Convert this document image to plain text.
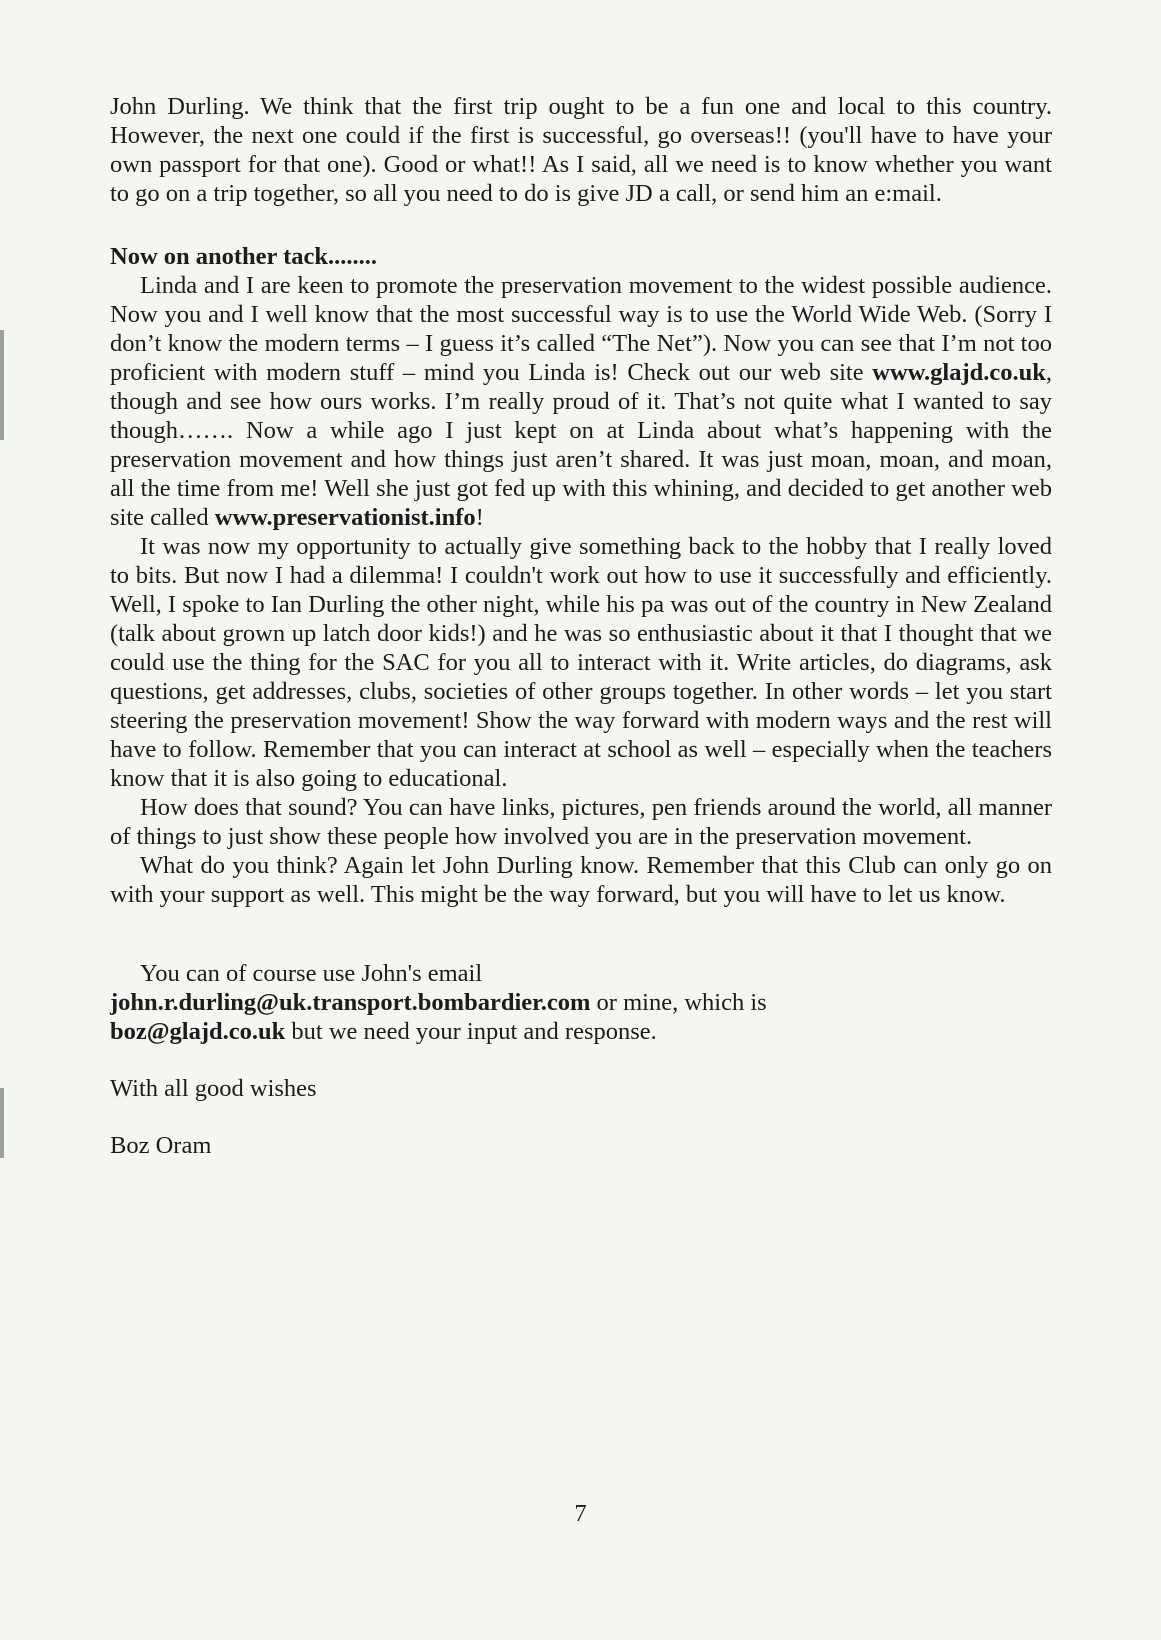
John Durling. We think that the first trip ought to be a fun one and local to this country. However, the next one could if the first is successful, go overseas!! (you'll have to have your own passport for that one). Good or what!! As I said, all we need is to know whether you want to go on a trip together, so all you need to do is give JD a call, or send him an e:mail.

Now on another tack........

Linda and I are keen to promote the preservation movement to the widest possible audience. Now you and I well know that the most successful way is to use the World Wide Web. (Sorry I don’t know the modern terms – I guess it’s called “The Net”). Now you can see that I’m not too proficient with modern stuff – mind you Linda is! Check out our web site www.glajd.co.uk, though and see how ours works. I’m really proud of it. That’s not quite what I wanted to say though……. Now a while ago I just kept on at Linda about what’s happening with the preservation movement and how things just aren’t shared. It was just moan, moan, and moan, all the time from me! Well she just got fed up with this whining, and decided to get another web site called www.preservationist.info!

It was now my opportunity to actually give something back to the hobby that I really loved to bits. But now I had a dilemma! I couldn't work out how to use it successfully and efficiently. Well, I spoke to Ian Durling the other night, while his pa was out of the country in New Zealand (talk about grown up latch door kids!) and he was so enthusiastic about it that I thought that we could use the thing for the SAC for you all to interact with it. Write articles, do diagrams, ask questions, get addresses, clubs, societies of other groups together. In other words – let you start steering the preservation movement! Show the way forward with modern ways and the rest will have to follow. Remember that you can interact at school as well – especially when the teachers know that it is also going to educational.

How does that sound? You can have links, pictures, pen friends around the world, all manner of things to just show these people how involved you are in the preservation movement.

What do you think? Again let John Durling know. Remember that this Club can only go on with your support as well. This might be the way forward, but you will have to let us know.

You can of course use John's email
john.r.durling@uk.transport.bombardier.com or mine, which is
boz@glajd.co.uk but we need your input and response.
With all good wishes
Boz Oram
7
